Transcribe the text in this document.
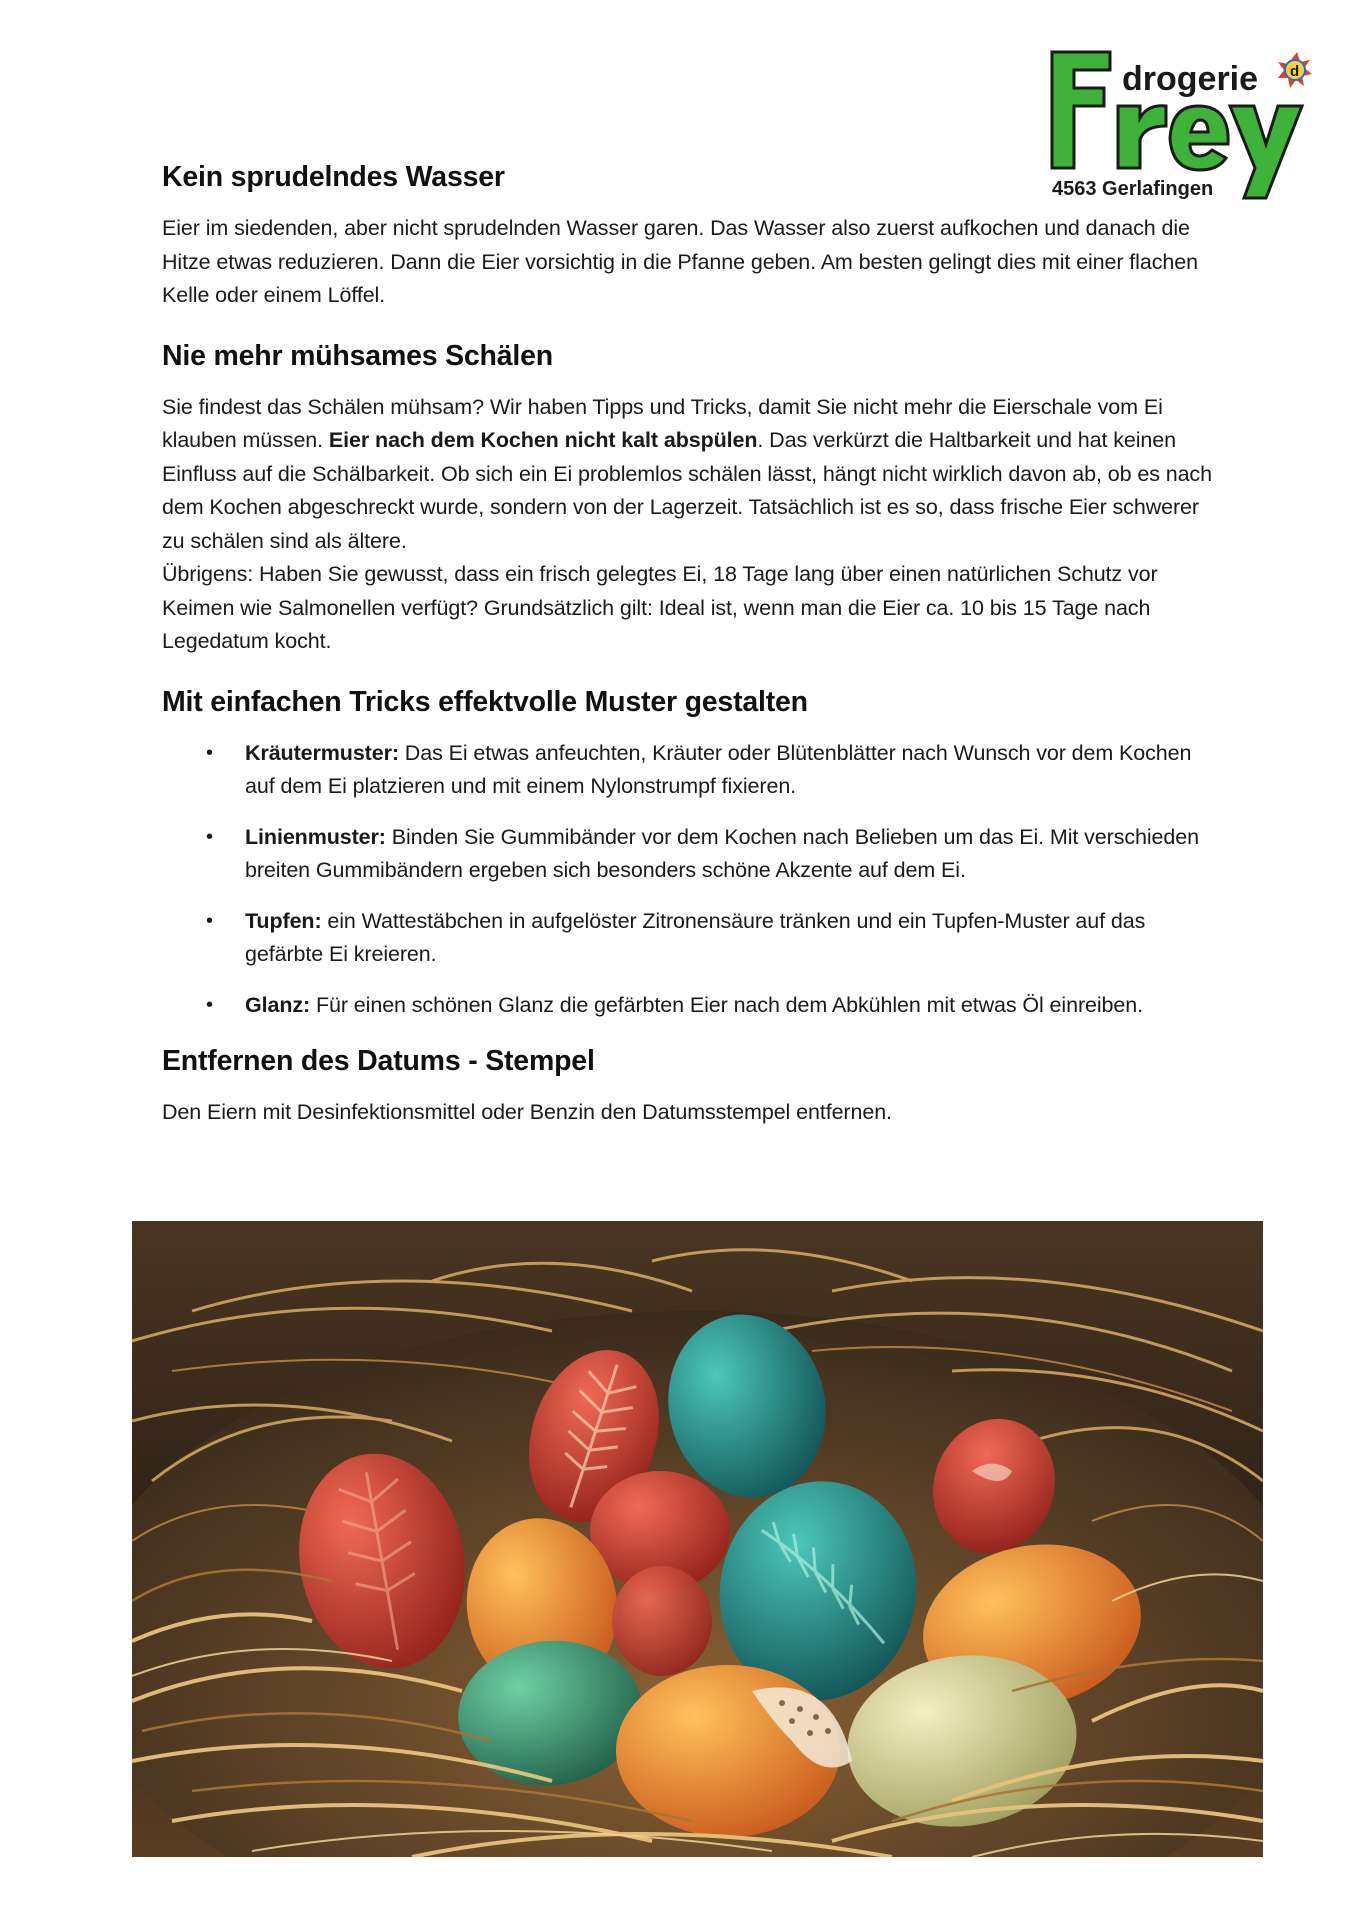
drogerie d
4563 Gerlafingen
Kein sprudelndes Wasser

Eier im siedenden, aber nicht sprudelnden Wasser garen. Das Wasser also zuerst aufkochen und danach die Hitze etwas reduzieren. Dann die Eier vorsichtig in die Pfanne geben. Am besten gelingt dies mit einer flachen Kelle oder einem Löffel.

Nie mehr mühsames Schälen

Sie findest das Schälen mühsam? Wir haben Tipps und Tricks, damit Sie nicht mehr die Eierschale vom Ei klauben müssen. Eier nach dem Kochen nicht kalt abspülen. Das verkürzt die Haltbarkeit und hat keinen Einfluss auf die Schälbarkeit. Ob sich ein Ei problemlos schälen lässt, hängt nicht wirklich davon ab, ob es nach dem Kochen abgeschreckt wurde, sondern von der Lagerzeit. Tatsächlich ist es so, dass frische Eier schwerer zu schälen sind als ältere.

Übrigens: Haben Sie gewusst, dass ein frisch gelegtes Ei, 18 Tage lang über einen natürlichen Schutz vor Keimen wie Salmonellen verfügt? Grundsätzlich gilt: Ideal ist, wenn man die Eier ca. 10 bis 15 Tage nach Legedatum kocht.

Mit einfachen Tricks effektvolle Muster gestalten
• Kräutermuster: Das Ei etwas anfeuchten, Kräuter oder Blütenblätter nach Wunsch vor dem Kochen auf dem Ei platzieren und mit einem Nylonstrumpf fixieren.
• Linienmuster: Binden Sie Gummibänder vor dem Kochen nach Belieben um das Ei. Mit verschieden breiten Gummibändern ergeben sich besonders schöne Akzente auf dem Ei.
• Tupfen: ein Wattestäbchen in aufgelöster Zitronensäure tränken und ein Tupfen-Muster auf das gefärbte Ei kreieren.
• Glanz: Für einen schönen Glanz die gefärbten Eier nach dem Abkühlen mit etwas Öl einreiben.
Entfernen des Datums - Stempel

Den Eiern mit Desinfektionsmittel oder Benzin den Datumsstempel entfernen.
